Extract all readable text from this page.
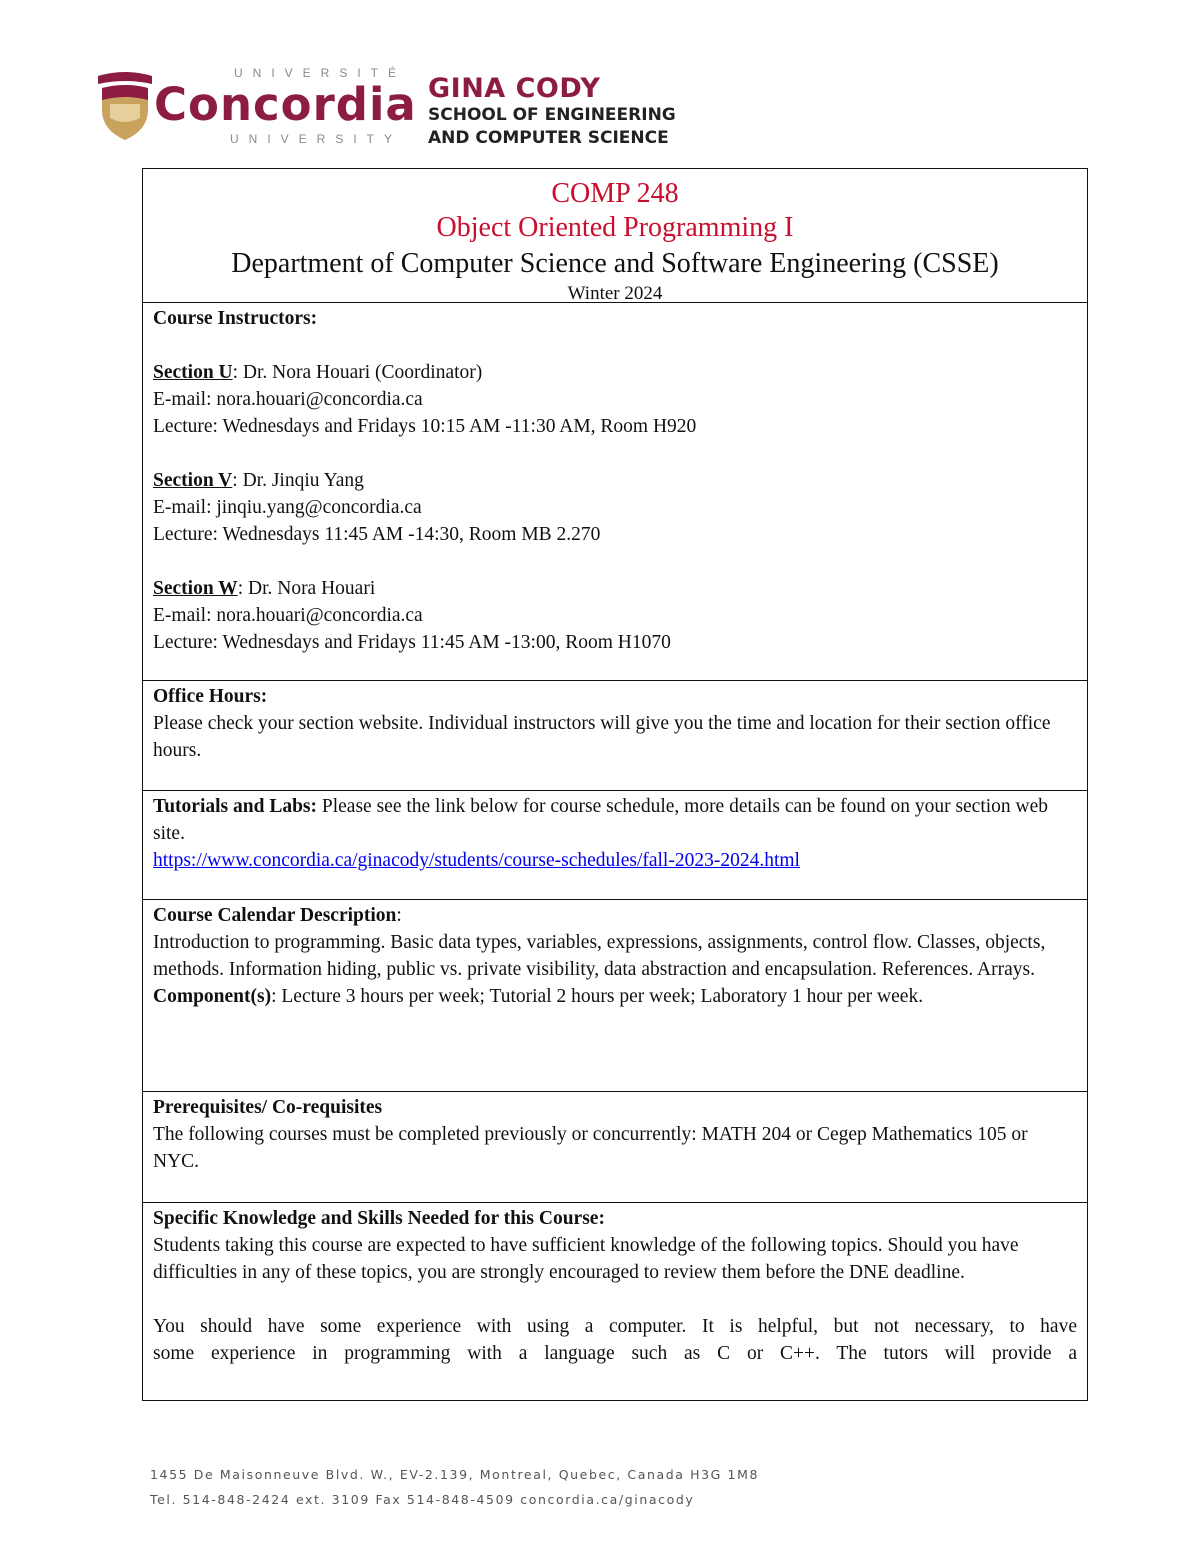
UNIVERSITÉ
Concordia
UNIVERSITY
GINA CODY
SCHOOL OF ENGINEERING
AND COMPUTER SCIENCE
COMP 248
Object Oriented Programming I
Department of Computer Science and Software Engineering (CSSE)
Winter 2024
Course Instructors:
Section U: Dr. Nora Houari (Coordinator)
E-mail: nora.houari@concordia.ca
Lecture: Wednesdays and Fridays 10:15 AM -11:30 AM, Room H920
Section V: Dr. Jinqiu Yang
E-mail: jinqiu.yang@concordia.ca
Lecture: Wednesdays 11:45 AM -14:30, Room MB 2.270
Section W: Dr. Nora Houari
E-mail: nora.houari@concordia.ca
Lecture: Wednesdays and Fridays 11:45 AM -13:00, Room H1070
Office Hours:
Please check your section website. Individual instructors will give you the time and location for their section office hours.
Tutorials and Labs: Please see the link below for course schedule, more details can be found on your section web site.
https://www.concordia.ca/ginacody/students/course-schedules/fall-2023-2024.html
Course Calendar Description:
Introduction to programming. Basic data types, variables, expressions, assignments, control flow. Classes, objects, methods. Information hiding, public vs. private visibility, data abstraction and encapsulation. References. Arrays.
Component(s): Lecture 3 hours per week; Tutorial 2 hours per week; Laboratory 1 hour per week.
Prerequisites/ Co-requisites
The following courses must be completed previously or concurrently: MATH 204 or Cegep Mathematics 105 or NYC.
Specific Knowledge and Skills Needed for this Course:
Students taking this course are expected to have sufficient knowledge of the following topics. Should you have difficulties in any of these topics, you are strongly encouraged to review them before the DNE deadline.
You should have some experience with using a computer. It is helpful, but not necessary, to have
some experience in programming with a language such as C or C++. The tutors will provide a
1455 De Maisonneuve Blvd. W., EV-2.139, Montreal, Quebec, Canada H3G 1M8
Tel. 514-848-2424 ext. 3109 Fax 514-848-4509 concordia.ca/ginacody
